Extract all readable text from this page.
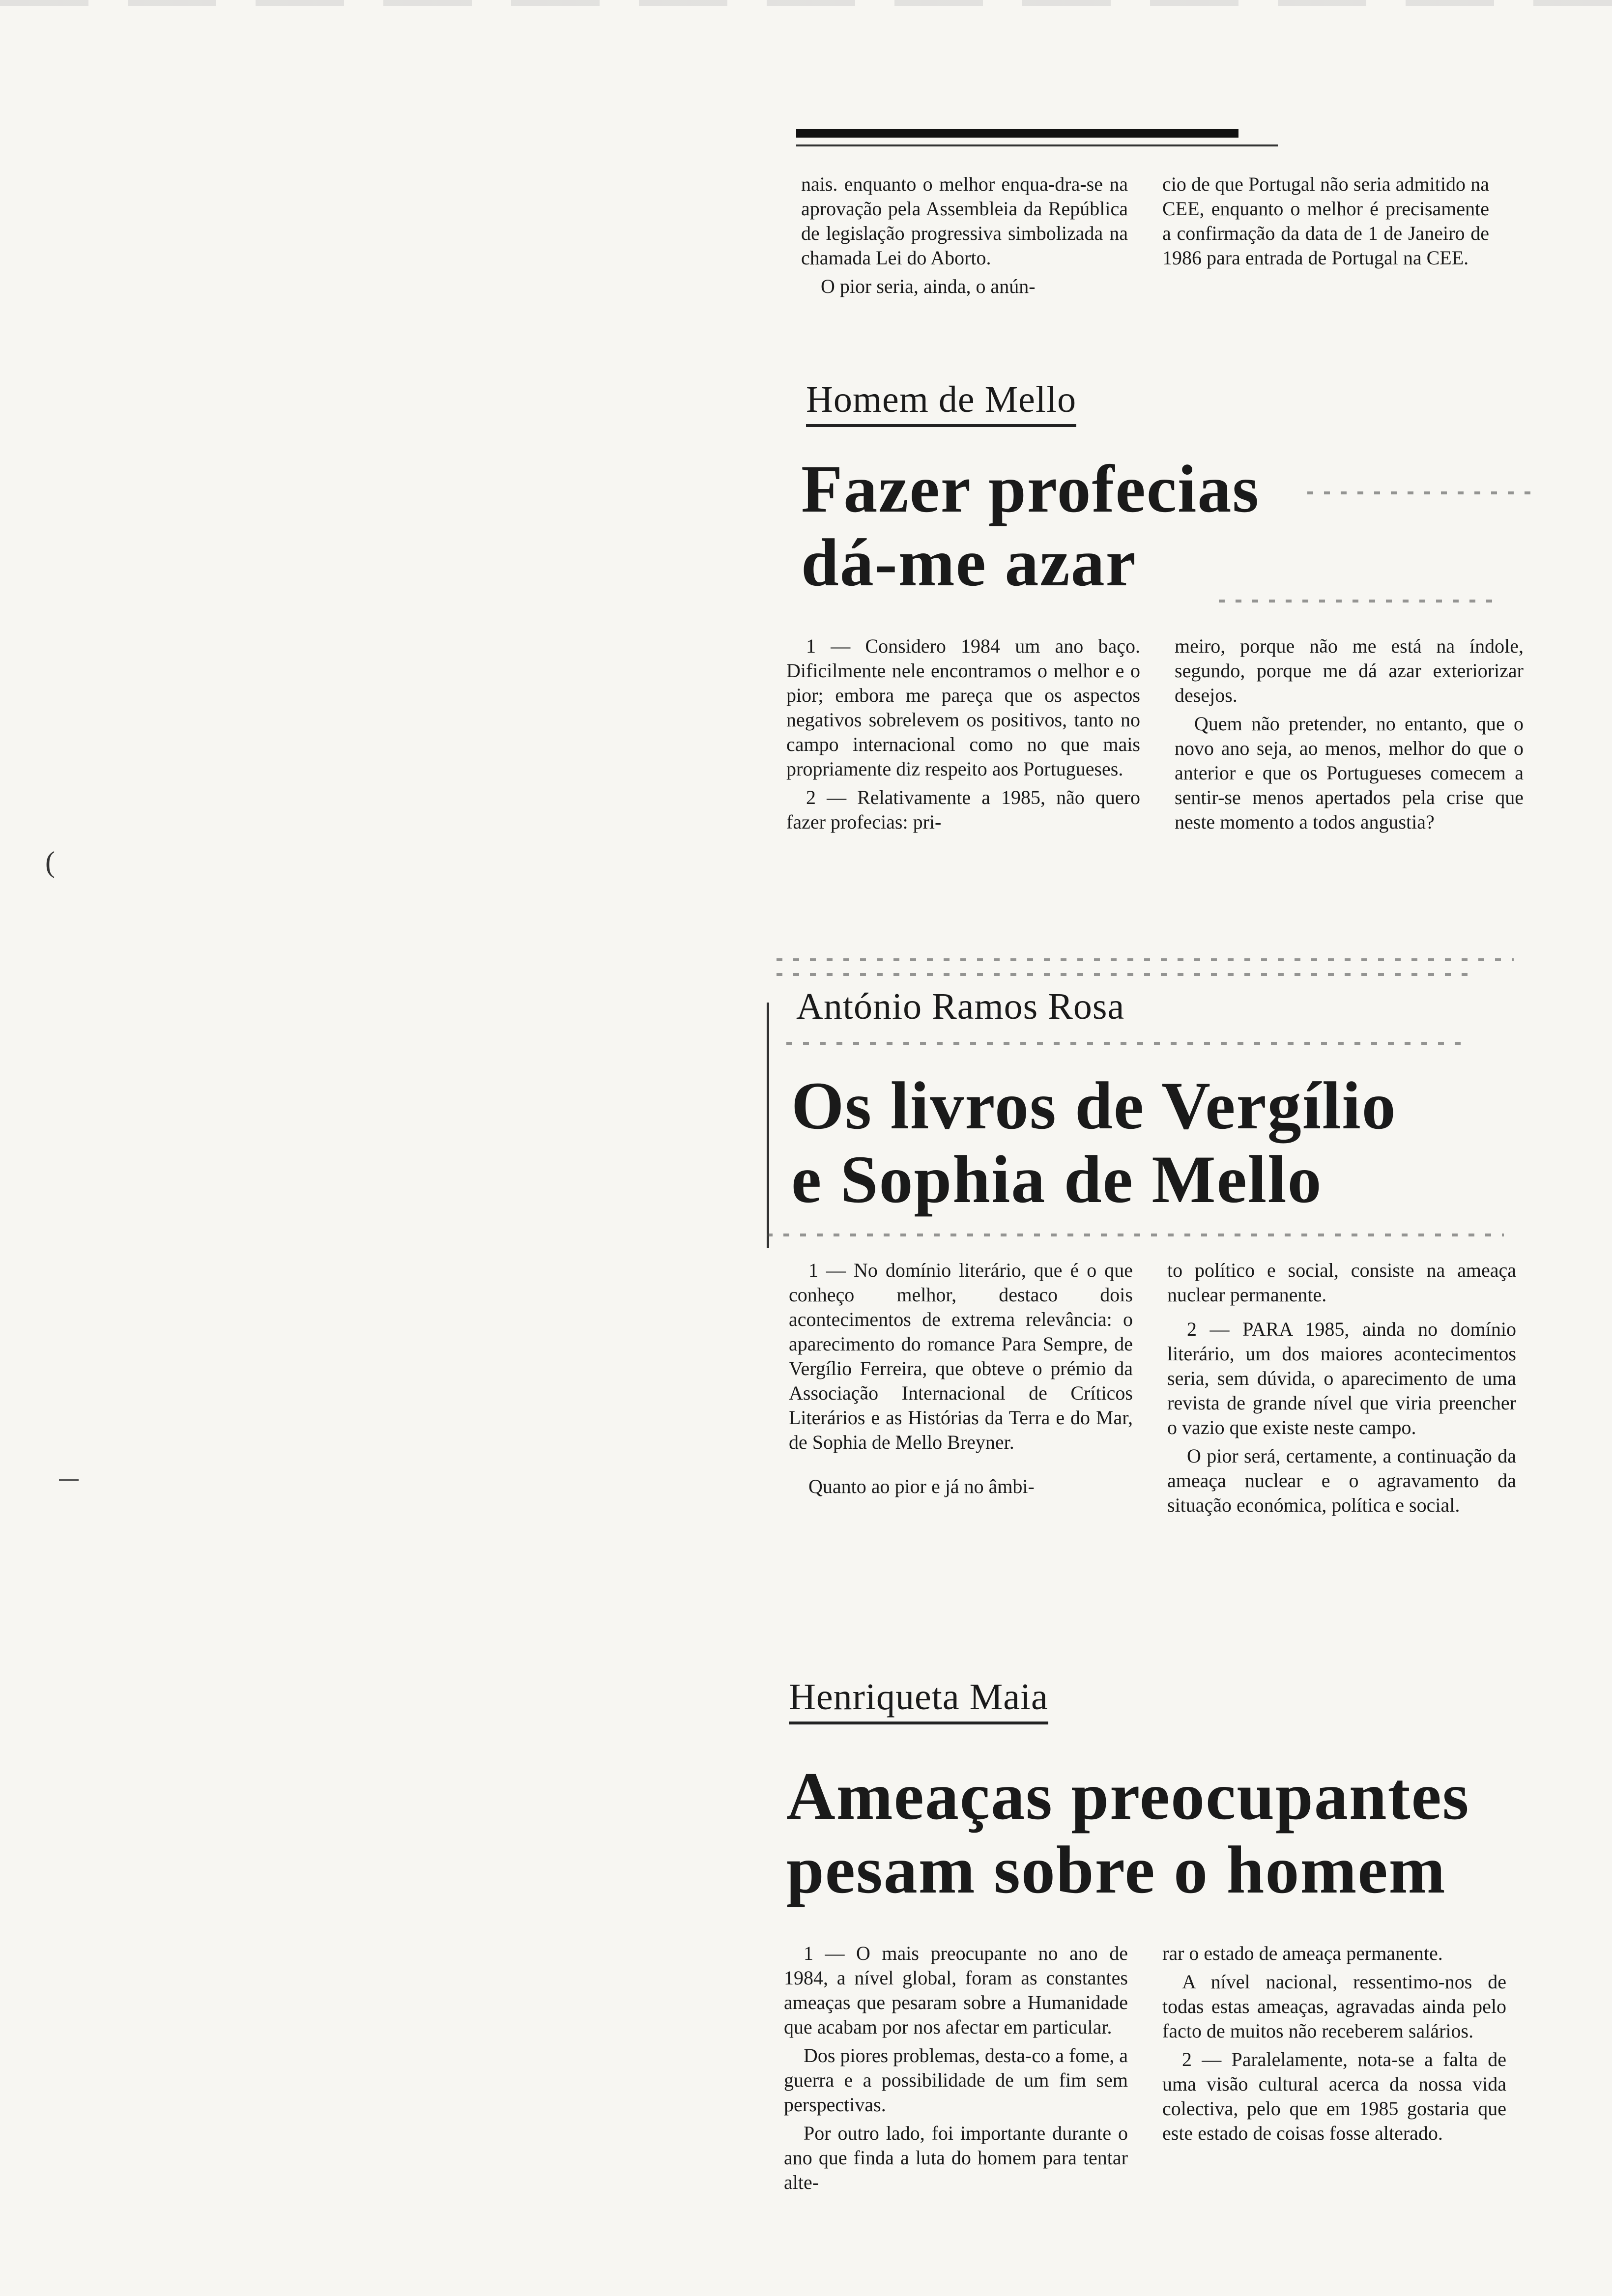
(

nais. enquanto o melhor enqua-dra-se na aprovação pela Assembleia da República de legislação progressiva simbolizada na chamada Lei do Aborto.

O pior seria, ainda, o anún-

cio de que Portugal não seria admitido na CEE, enquanto o melhor é precisamente a confirmação da data de 1 de Janeiro de 1986 para entrada de Portugal na CEE.

Homem de Mello
Fazer profecias
dá-me azar

1 — Considero 1984 um ano baço. Dificilmente nele encontramos o melhor e o pior; embora me pareça que os aspectos negativos sobrelevem os positivos, tanto no campo internacional como no que mais propriamente diz respeito aos Portugueses.

2 — Relativamente a 1985, não quero fazer profecias: pri-

meiro, porque não me está na índole, segundo, porque me dá azar exteriorizar desejos.

Quem não pretender, no entanto, que o novo ano seja, ao menos, melhor do que o anterior e que os Portugueses comecem a sentir-se menos apertados pela crise que neste momento a todos angustia?

António Ramos Rosa
Os livros de Vergílio
e Sophia de Mello

1 — No domínio literário, que é o que conheço melhor, destaco dois acontecimentos de extrema relevância: o aparecimento do romance Para Sempre, de Vergílio Ferreira, que obteve o prémio da Associação Internacional de Críticos Literários e as Histórias da Terra e do Mar, de Sophia de Mello Breyner.

Quanto ao pior e já no âmbi-

to político e social, consiste na ameaça nuclear permanente.

2 — PARA 1985, ainda no domínio literário, um dos maiores acontecimentos seria, sem dúvida, o aparecimento de uma revista de grande nível que viria preencher o vazio que existe neste campo.

O pior será, certamente, a continuação da ameaça nuclear e o agravamento da situação económica, política e social.

Henriqueta Maia
Ameaças preocupantes
pesam sobre o homem

1 — O mais preocupante no ano de 1984, a nível global, foram as constantes ameaças que pesaram sobre a Humanidade que acabam por nos afectar em particular.

Dos piores problemas, desta-co a fome, a guerra e a possibilidade de um fim sem perspectivas.

Por outro lado, foi importante durante o ano que finda a luta do homem para tentar alte-

rar o estado de ameaça permanente.

A nível nacional, ressentimo-nos de todas estas ameaças, agravadas ainda pelo facto de muitos não receberem salários.

2 — Paralelamente, nota-se a falta de uma visão cultural acerca da nossa vida colectiva, pelo que em 1985 gostaria que este estado de coisas fosse alterado.
